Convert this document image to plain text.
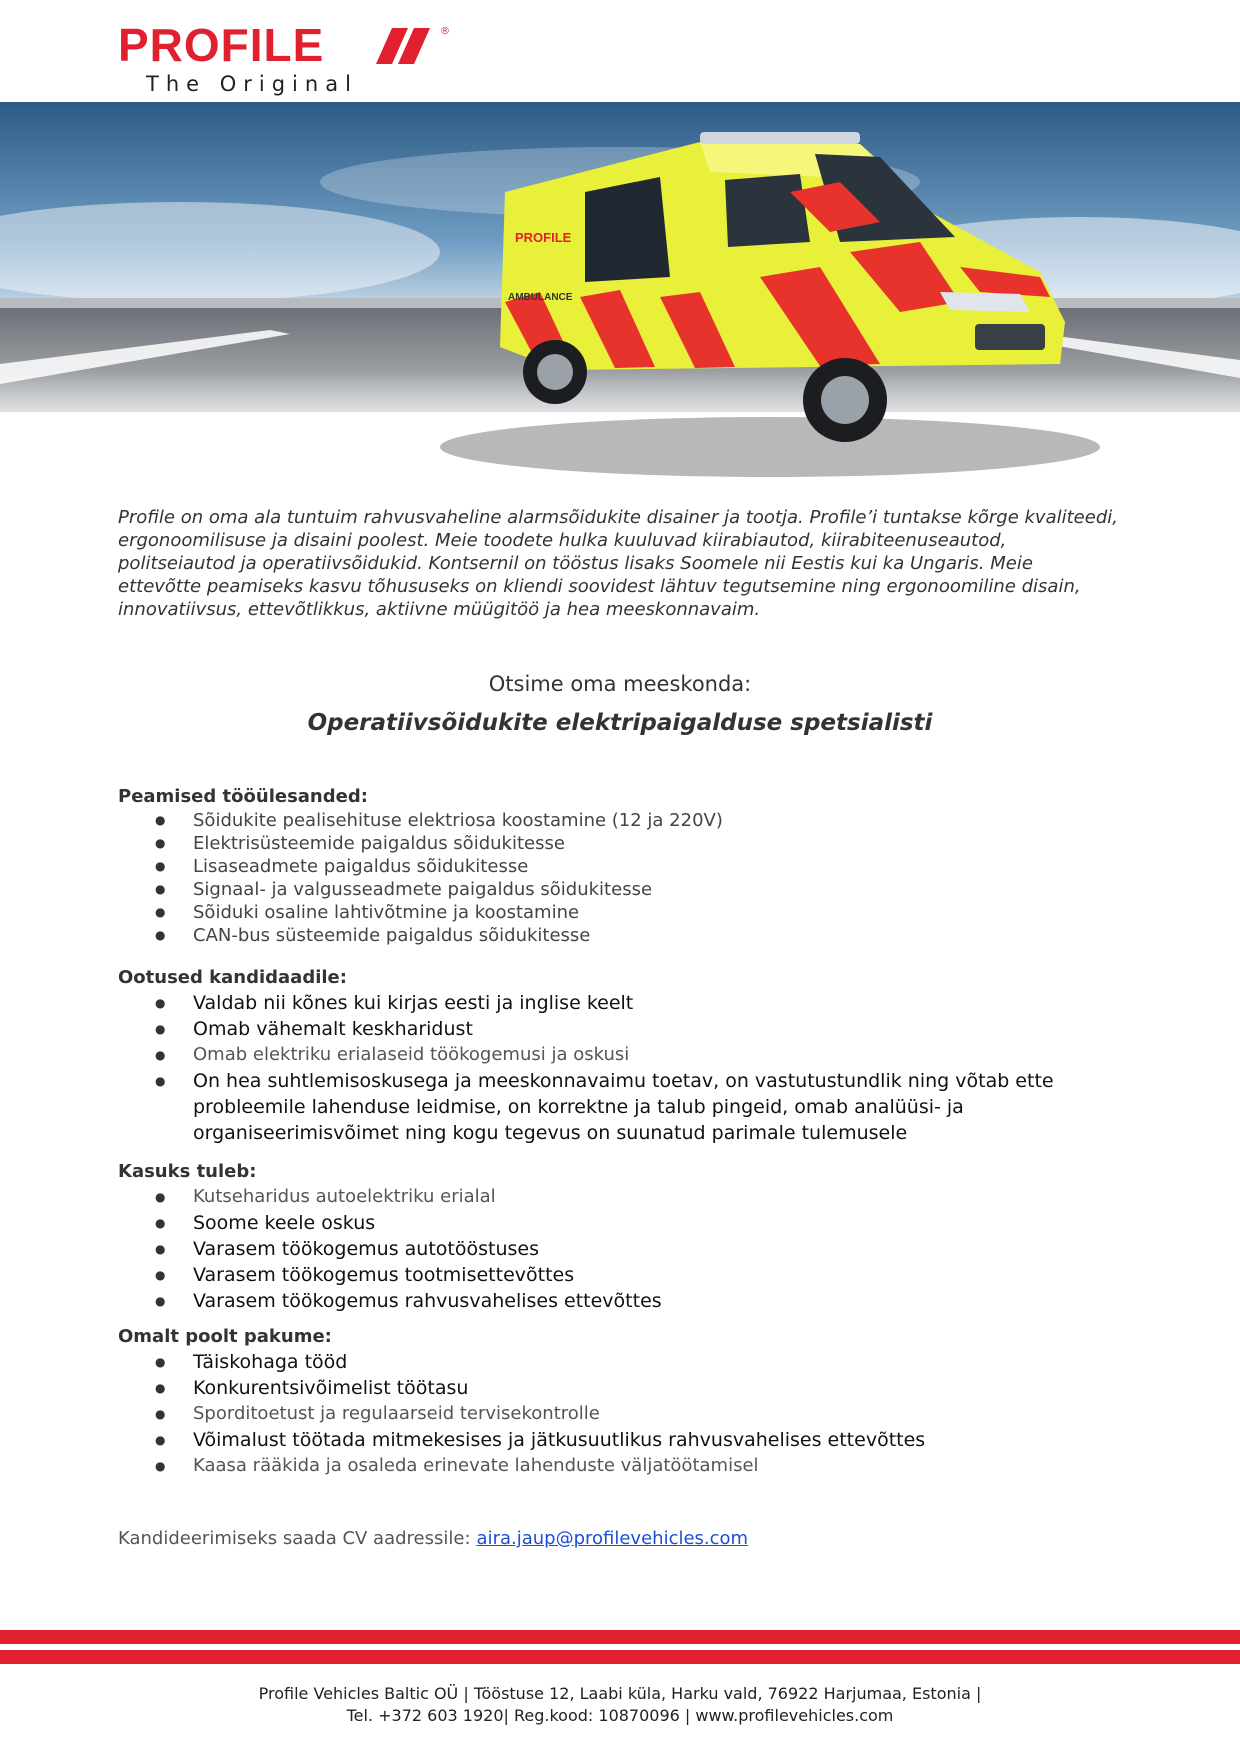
PROFILE	®
The Original
PROFILE
AMBULANCE

Profile on oma ala tuntuim rahvusvaheline alarmsõidukite disainer ja tootja. Profile’i tuntakse kõrge kvaliteedi, ergonoomilisuse ja disaini poolest. Meie toodete hulka kuuluvad kiirabiautod, kiirabiteenuseautod, politseiautod ja operatiivsõidukid. Kontsernil on tööstus lisaks Soomele nii Eestis kui ka Ungaris. Meie ettevõtte peamiseks kasvu tõhususeks on kliendi soovidest lähtuv tegutsemine ning ergonoomiline disain, innovatiivsus, ettevõtlikkus, aktiivne müügitöö ja hea meeskonnavaim.

Otsime oma meeskonda:
Operatiivsõidukite elektripaigalduse spetsialisti
Peamised tööülesanded:
● Sõidukite pealisehituse elektriosa koostamine (12 ja 220V)
● Elektrisüsteemide paigaldus sõidukitesse
● Lisaseadmete paigaldus sõidukitesse
● Signaal- ja valgusseadmete paigaldus sõidukitesse
● Sõiduki osaline lahtivõtmine ja koostamine
● CAN-bus süsteemide paigaldus sõidukitesse
Ootused kandidaadile:
● Valdab nii kõnes kui kirjas eesti ja inglise keelt
● Omab vähemalt keskharidust
● Omab elektriku erialaseid töökogemusi ja oskusi
● On hea suhtlemisoskusega ja meeskonnavaimu toetav, on vastutustundlik ning võtab ette probleemile lahenduse leidmise, on korrektne ja talub pingeid, omab analüüsi- ja organiseerimisvõimet ning kogu tegevus on suunatud parimale tulemusele
Kasuks tuleb:
● Kutseharidus autoelektriku erialal
● Soome keele oskus
● Varasem töökogemus autotööstuses
● Varasem töökogemus tootmisettevõttes
● Varasem töökogemus rahvusvahelises ettevõttes
Omalt poolt pakume:
● Täiskohaga tööd
● Konkurentsivõimelist töötasu
● Sporditoetust ja regulaarseid tervisekontrolle
● Võimalust töötada mitmekesises ja jätkusuutlikus rahvusvahelises ettevõttes
● Kaasa rääkida ja osaleda erinevate lahenduste väljatöötamisel
Kandideerimiseks saada CV aadressile: aira.jaup@profilevehicles.com
Profile Vehicles Baltic OÜ | Tööstuse 12, Laabi küla, Harku vald, 76922 Harjumaa, Estonia |
Tel. +372 603 1920| Reg.kood: 10870096 | www.profilevehicles.com
